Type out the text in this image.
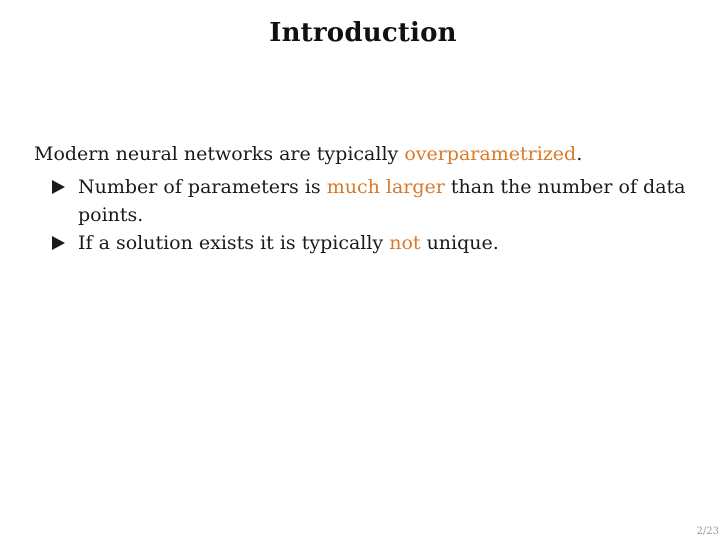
Introduction

Modern neural networks are typically overparametrized.

Number of parameters is much larger than the number of data points.
If a solution exists it is typically not unique.
2/23
